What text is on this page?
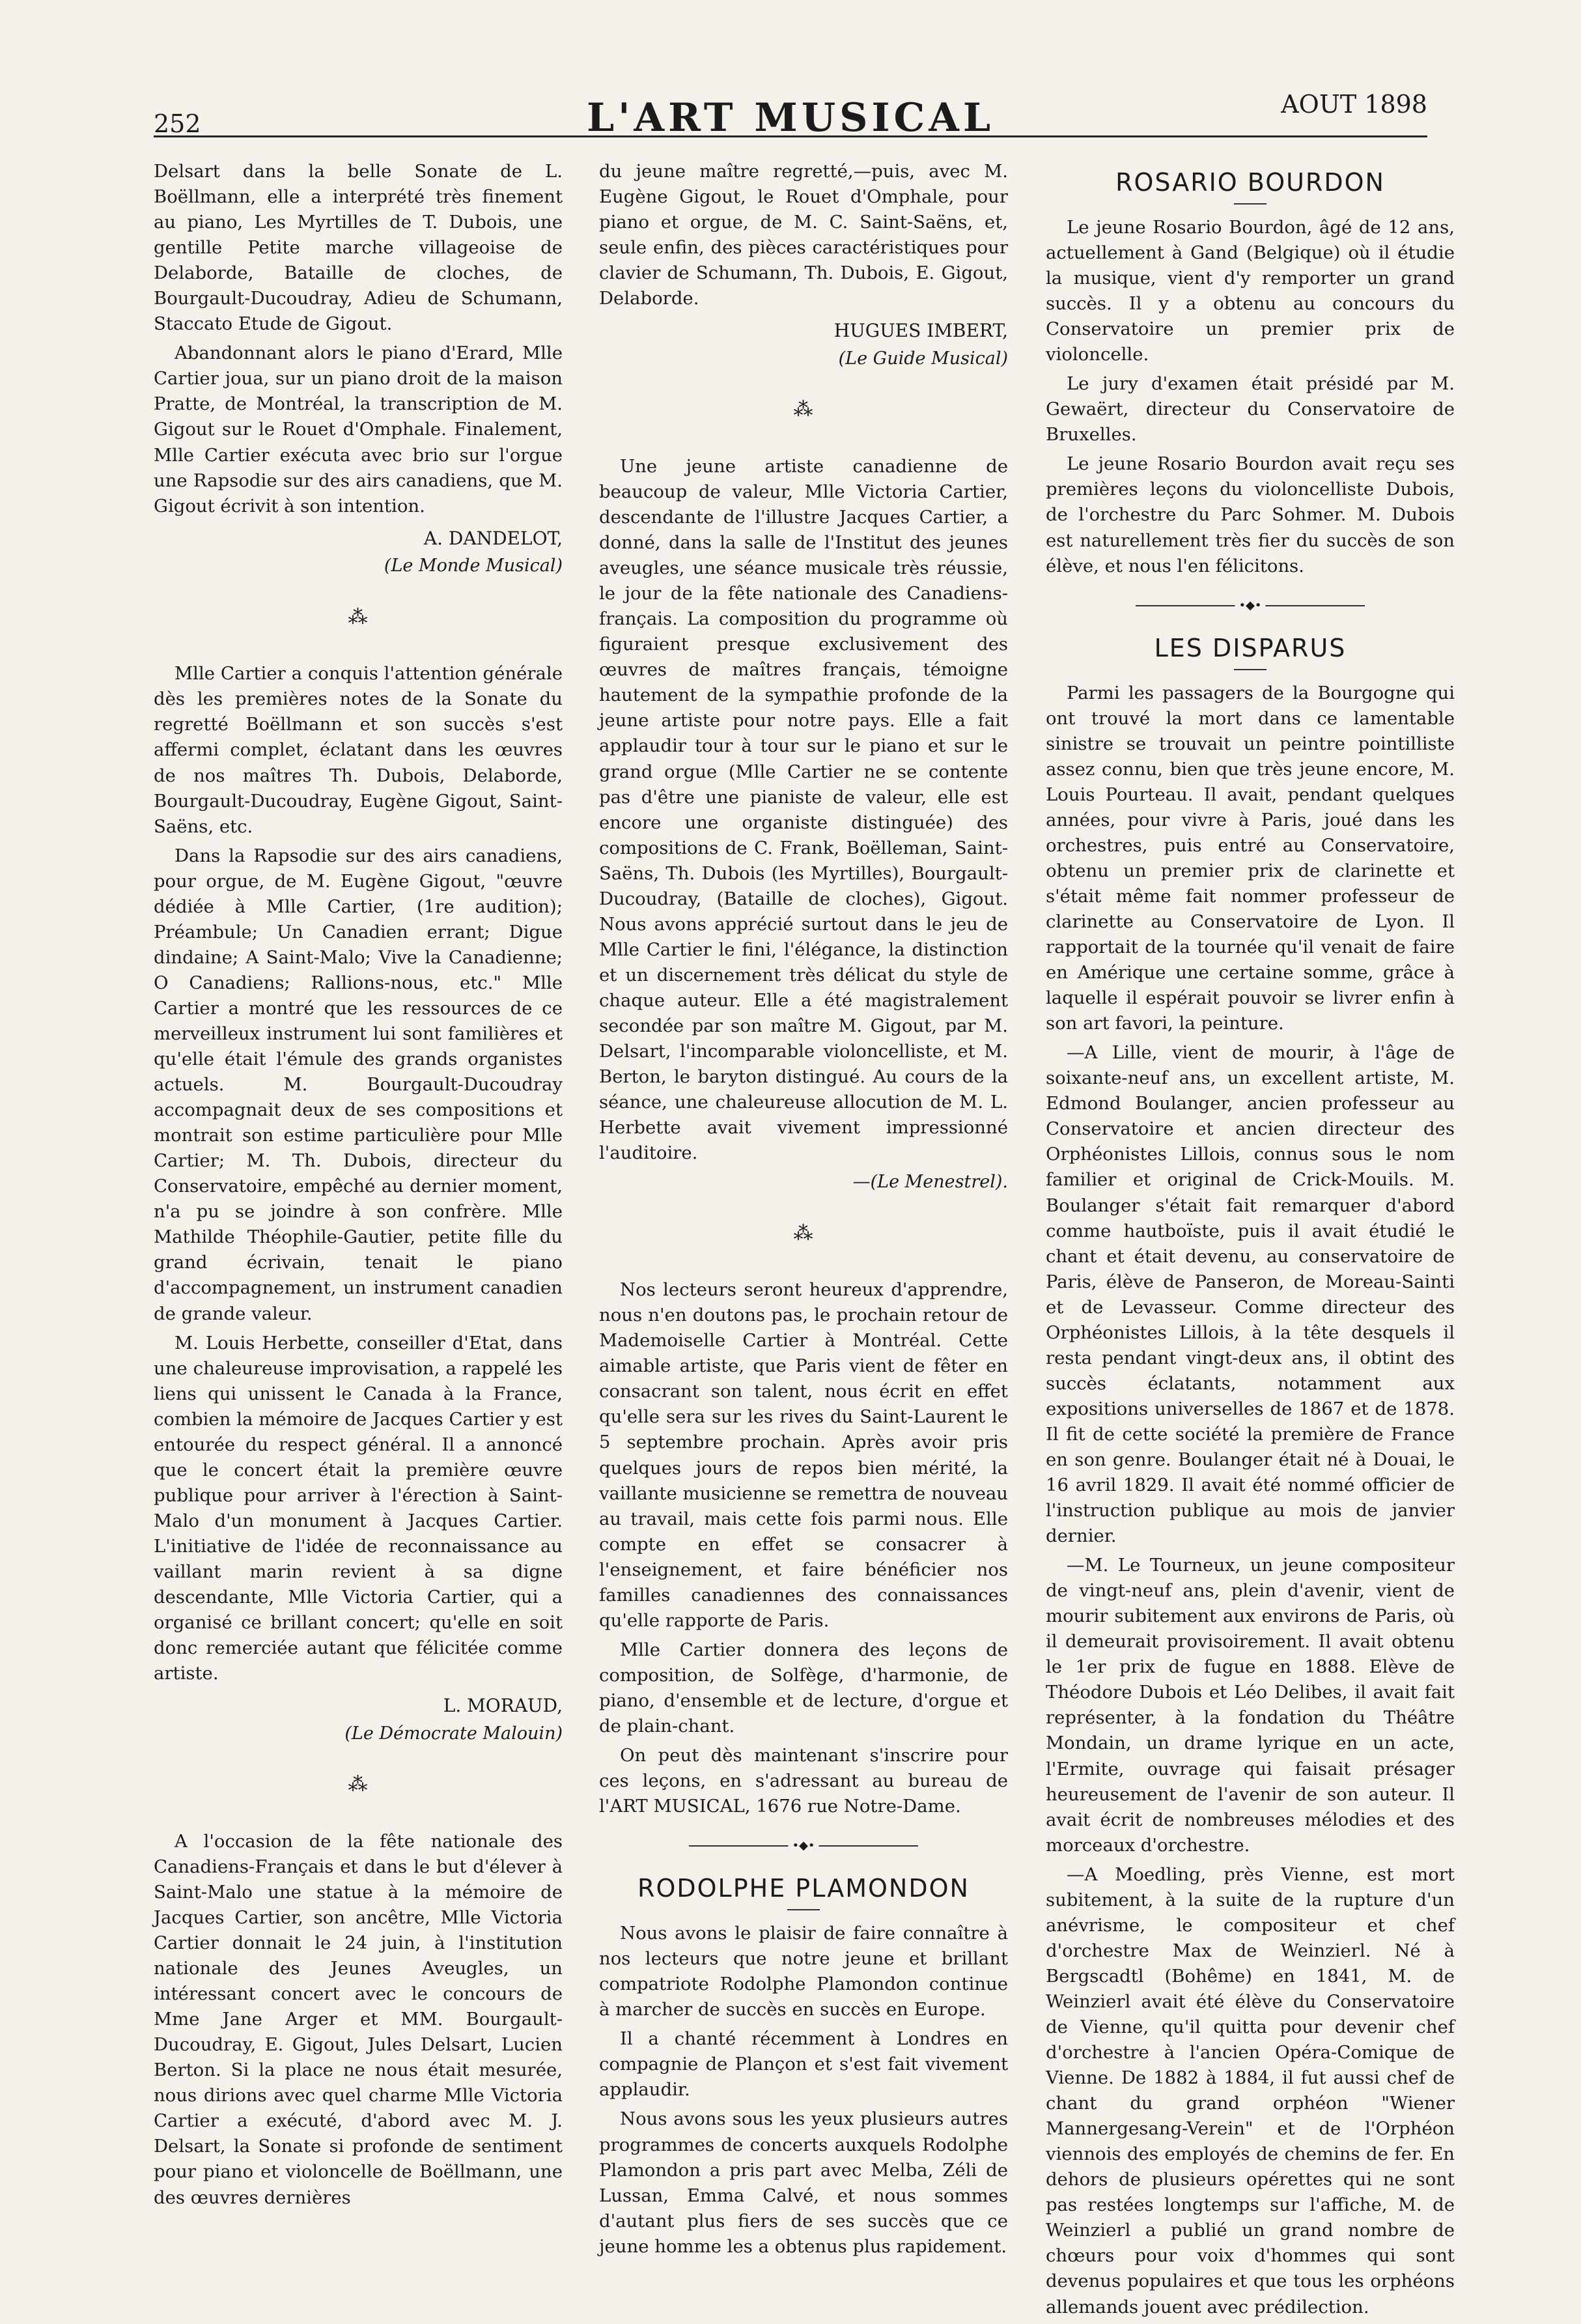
252	L'ART MUSICAL	AOUT 1898

Delsart dans la belle Sonate de L. Boëllmann, elle a interprété très finement au piano, Les Myrtilles de T. Dubois, une gentille Petite marche villageoise de Delaborde, Bataille de cloches, de Bourgault-Ducoudray, Adieu de Schumann, Staccato Etude de Gigout.

Abandonnant alors le piano d'Erard, Mlle Cartier joua, sur un piano droit de la maison Pratte, de Montréal, la transcription de M. Gigout sur le Rouet d'Omphale. Finalement, Mlle Cartier exécuta avec brio sur l'orgue une Rapsodie sur des airs canadiens, que M. Gigout écrivit à son intention.

A. DANDELOT,
(Le Monde Musical)
⁂

Mlle Cartier a conquis l'attention générale dès les premières notes de la Sonate du regretté Boëllmann et son succès s'est affermi complet, éclatant dans les œuvres de nos maîtres Th. Dubois, Delaborde, Bourgault-Ducoudray, Eugène Gigout, Saint-Saëns, etc.

Dans la Rapsodie sur des airs canadiens, pour orgue, de M. Eugène Gigout, "œuvre dédiée à Mlle Cartier, (1re audition); Préambule; Un Canadien errant; Digue dindaine; A Saint-Malo; Vive la Canadienne; O Canadiens; Rallions-nous, etc." Mlle Cartier a montré que les ressources de ce merveilleux instrument lui sont familières et qu'elle était l'émule des grands organistes actuels. M. Bourgault-Ducoudray accompagnait deux de ses compositions et montrait son estime particulière pour Mlle Cartier; M. Th. Dubois, directeur du Conservatoire, empêché au dernier moment, n'a pu se joindre à son confrère. Mlle Mathilde Théophile-Gautier, petite fille du grand écrivain, tenait le piano d'accompagnement, un instrument canadien de grande valeur.

M. Louis Herbette, conseiller d'Etat, dans une chaleureuse improvisation, a rappelé les liens qui unissent le Canada à la France, combien la mémoire de Jacques Cartier y est entourée du respect général. Il a annoncé que le concert était la première œuvre publique pour arriver à l'érection à Saint-Malo d'un monument à Jacques Cartier. L'initiative de l'idée de reconnaissance au vaillant marin revient à sa digne descendante, Mlle Victoria Cartier, qui a organisé ce brillant concert; qu'elle en soit donc remerciée autant que félicitée comme artiste.

L. MORAUD,
(Le Démocrate Malouin)
⁂

A l'occasion de la fête nationale des Canadiens-Français et dans le but d'élever à Saint-Malo une statue à la mémoire de Jacques Cartier, son ancêtre, Mlle Victoria Cartier donnait le 24 juin, à l'institution nationale des Jeunes Aveugles, un intéressant concert avec le concours de Mme Jane Arger et MM. Bourgault-Ducoudray, E. Gigout, Jules Delsart, Lucien Berton. Si la place ne nous était mesurée, nous dirions avec quel charme Mlle Victoria Cartier a exécuté, d'abord avec M. J. Delsart, la Sonate si profonde de sentiment pour piano et violoncelle de Boëllmann, une des œuvres dernières

du jeune maître regretté,—puis, avec M. Eugène Gigout, le Rouet d'Omphale, pour piano et orgue, de M. C. Saint-Saëns, et, seule enfin, des pièces caractéristiques pour clavier de Schumann, Th. Dubois, E. Gigout, Delaborde.

HUGUES IMBERT,
(Le Guide Musical)
⁂

Une jeune artiste canadienne de beaucoup de valeur, Mlle Victoria Cartier, descendante de l'illustre Jacques Cartier, a donné, dans la salle de l'Institut des jeunes aveugles, une séance musicale très réussie, le jour de la fête nationale des Canadiens-français. La composition du programme où figuraient presque exclusivement des œuvres de maîtres français, témoigne hautement de la sympathie profonde de la jeune artiste pour notre pays. Elle a fait applaudir tour à tour sur le piano et sur le grand orgue (Mlle Cartier ne se contente pas d'être une pianiste de valeur, elle est encore une organiste distinguée) des compositions de C. Frank, Boëlleman, Saint-Saëns, Th. Dubois (les Myrtilles), Bourgault-Ducoudray, (Bataille de cloches), Gigout. Nous avons apprécié surtout dans le jeu de Mlle Cartier le fini, l'élégance, la distinction et un discernement très délicat du style de chaque auteur. Elle a été magistralement secondée par son maître M. Gigout, par M. Delsart, l'incomparable violoncelliste, et M. Berton, le baryton distingué. Au cours de la séance, une chaleureuse allocution de M. L. Herbette avait vivement impressionné l'auditoire.

—(Le Menestrel).
⁂

Nos lecteurs seront heureux d'apprendre, nous n'en doutons pas, le prochain retour de Mademoiselle Cartier à Montréal. Cette aimable artiste, que Paris vient de fêter en consacrant son talent, nous écrit en effet qu'elle sera sur les rives du Saint-Laurent le 5 septembre prochain. Après avoir pris quelques jours de repos bien mérité, la vaillante musicienne se remettra de nouveau au travail, mais cette fois parmi nous. Elle compte en effet se consacrer à l'enseignement, et faire bénéficier nos familles canadiennes des connaissances qu'elle rapporte de Paris.

Mlle Cartier donnera des leçons de composition, de Solfège, d'harmonie, de piano, d'ensemble et de lecture, d'orgue et de plain-chant.

On peut dès maintenant s'inscrire pour ces leçons, en s'adressant au bureau de l'ART MUSICAL, 1676 rue Notre-Dame.

•◆•
RODOLPHE PLAMONDON

Nous avons le plaisir de faire connaître à nos lecteurs que notre jeune et brillant compatriote Rodolphe Plamondon continue à marcher de succès en succès en Europe.

Il a chanté récemment à Londres en compagnie de Plançon et s'est fait vivement applaudir.

Nous avons sous les yeux plusieurs autres programmes de concerts auxquels Rodolphe Plamondon a pris part avec Melba, Zéli de Lussan, Emma Calvé, et nous sommes d'autant plus fiers de ses succès que ce jeune homme les a obtenus plus rapidement.

ROSARIO BOURDON

Le jeune Rosario Bourdon, âgé de 12 ans, actuellement à Gand (Belgique) où il étudie la musique, vient d'y remporter un grand succès. Il y a obtenu au concours du Conservatoire un premier prix de violoncelle.

Le jury d'examen était présidé par M. Gewaërt, directeur du Conservatoire de Bruxelles.

Le jeune Rosario Bourdon avait reçu ses premières leçons du violoncelliste Dubois, de l'orchestre du Parc Sohmer. M. Dubois est naturellement très fier du succès de son élève, et nous l'en félicitons.

•◆•
LES DISPARUS

Parmi les passagers de la Bourgogne qui ont trouvé la mort dans ce lamentable sinistre se trouvait un peintre pointilliste assez connu, bien que très jeune encore, M. Louis Pourteau. Il avait, pendant quelques années, pour vivre à Paris, joué dans les orchestres, puis entré au Conservatoire, obtenu un premier prix de clarinette et s'était même fait nommer professeur de clarinette au Conservatoire de Lyon. Il rapportait de la tournée qu'il venait de faire en Amérique une certaine somme, grâce à laquelle il espérait pouvoir se livrer enfin à son art favori, la peinture.

—A Lille, vient de mourir, à l'âge de soixante-neuf ans, un excellent artiste, M. Edmond Boulanger, ancien professeur au Conservatoire et ancien directeur des Orphéonistes Lillois, connus sous le nom familier et original de Crick-Mouils. M. Boulanger s'était fait remarquer d'abord comme hautboïste, puis il avait étudié le chant et était devenu, au conservatoire de Paris, élève de Panseron, de Moreau-Sainti et de Levasseur. Comme directeur des Orphéonistes Lillois, à la tête desquels il resta pendant vingt-deux ans, il obtint des succès éclatants, notamment aux expositions universelles de 1867 et de 1878. Il fit de cette société la première de France en son genre. Boulanger était né à Douai, le 16 avril 1829. Il avait été nommé officier de l'instruction publique au mois de janvier dernier.

—M. Le Tourneux, un jeune compositeur de vingt-neuf ans, plein d'avenir, vient de mourir subitement aux environs de Paris, où il demeurait provisoirement. Il avait obtenu le 1er prix de fugue en 1888. Elève de Théodore Dubois et Léo Delibes, il avait fait représenter, à la fondation du Théâtre Mondain, un drame lyrique en un acte, l'Ermite, ouvrage qui faisait présager heureusement de l'avenir de son auteur. Il avait écrit de nombreuses mélodies et des morceaux d'orchestre.

—A Moedling, près Vienne, est mort subitement, à la suite de la rupture d'un anévrisme, le compositeur et chef d'orchestre Max de Weinzierl. Né à Bergscadtl (Bohême) en 1841, M. de Weinzierl avait été élève du Conservatoire de Vienne, qu'il quitta pour devenir chef d'orchestre à l'ancien Opéra-Comique de Vienne. De 1882 à 1884, il fut aussi chef de chant du grand orphéon "Wiener Mannergesang-Verein" et de l'Orphéon viennois des employés de chemins de fer. En dehors de plusieurs opérettes qui ne sont pas restées longtemps sur l'affiche, M. de Weinzierl a publié un grand nombre de chœurs pour voix d'hommes qui sont devenus populaires et que tous les orphéons allemands jouent avec prédilection.
